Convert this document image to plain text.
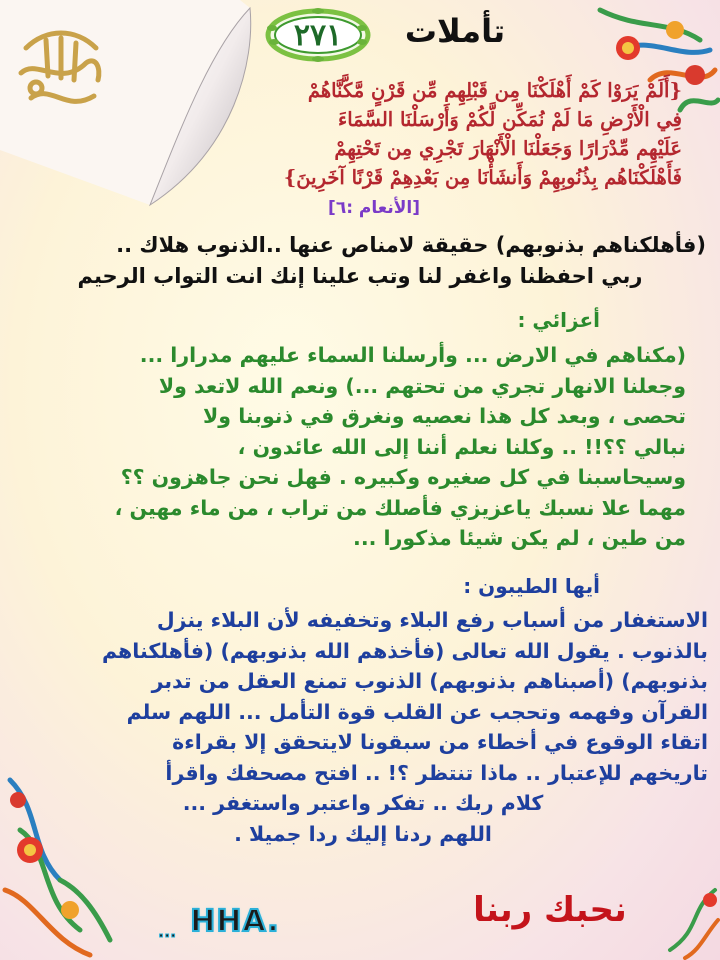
٢٧١	تأملات
{أَلَمْ يَرَوْا كَمْ أَهْلَكْنَا مِن قَبْلِهِم مِّن قَرْنٍ مَّكَّنَّاهُمْ
فِي الْأَرْضِ مَا لَمْ نُمَكِّن لَّكُمْ وَأَرْسَلْنَا السَّمَاءَ
عَلَيْهِم مِّدْرَارًا وَجَعَلْنَا الْأَنْهَارَ تَجْرِي مِن تَحْتِهِمْ
فَأَهْلَكْنَاهُم بِذُنُوبِهِمْ وَأَنشَأْنَا مِن بَعْدِهِمْ قَرْنًا آخَرِينَ}
[الأنعام :٦]
(فأهلكناهم بذنوبهم) حقيقة لامناص عنها ..الذنوب هلاك ..
ربي احفظنا واغفر لنا وتب علينا إنك انت التواب الرحيم
أعزائي :
(مكناهم في الارض ... وأرسلنا السماء عليهم مدرارا ...
وجعلنا الانهار تجري من تحتهم ...) ونعم الله لاتعد ولا
تحصى ، وبعد كل هذا نعصيه ونغرق في ذنوبنا ولا
نبالي ؟؟!! .. وكلنا نعلم أننا إلى الله عائدون ،
وسيحاسبنا في كل صغيره وكبيره . فهل نحن جاهزون ؟؟
مهما علا نسبك ياعزيزي فأصلك من تراب ، من ماء مهين ،
من طين ، لم يكن شيئا مذكورا ...
أيها الطيبون :
الاستغفار من أسباب رفع البلاء وتخفيفه لأن البلاء ينزل
بالذنوب . يقول الله تعالى (فأخذهم الله بذنوبهم) (فأهلكناهم
بذنوبهم) (أصبناهم بذنوبهم) الذنوب تمنع العقل من تدبر
القرآن وفهمه وتحجب عن القلب قوة التأمل ... اللهم سلم
اتقاء الوقوع في أخطاء من سبقونا لايتحقق إلا بقراءة
تاريخهم للإعتبار .. ماذا تنتظر ؟! .. افتح مصحفك واقرأ
كلام ربك .. تفكر واعتبر واستغفر ...
اللهم ردنا إليك ردا جميلا .
نحبك ربنا
... HHA.
